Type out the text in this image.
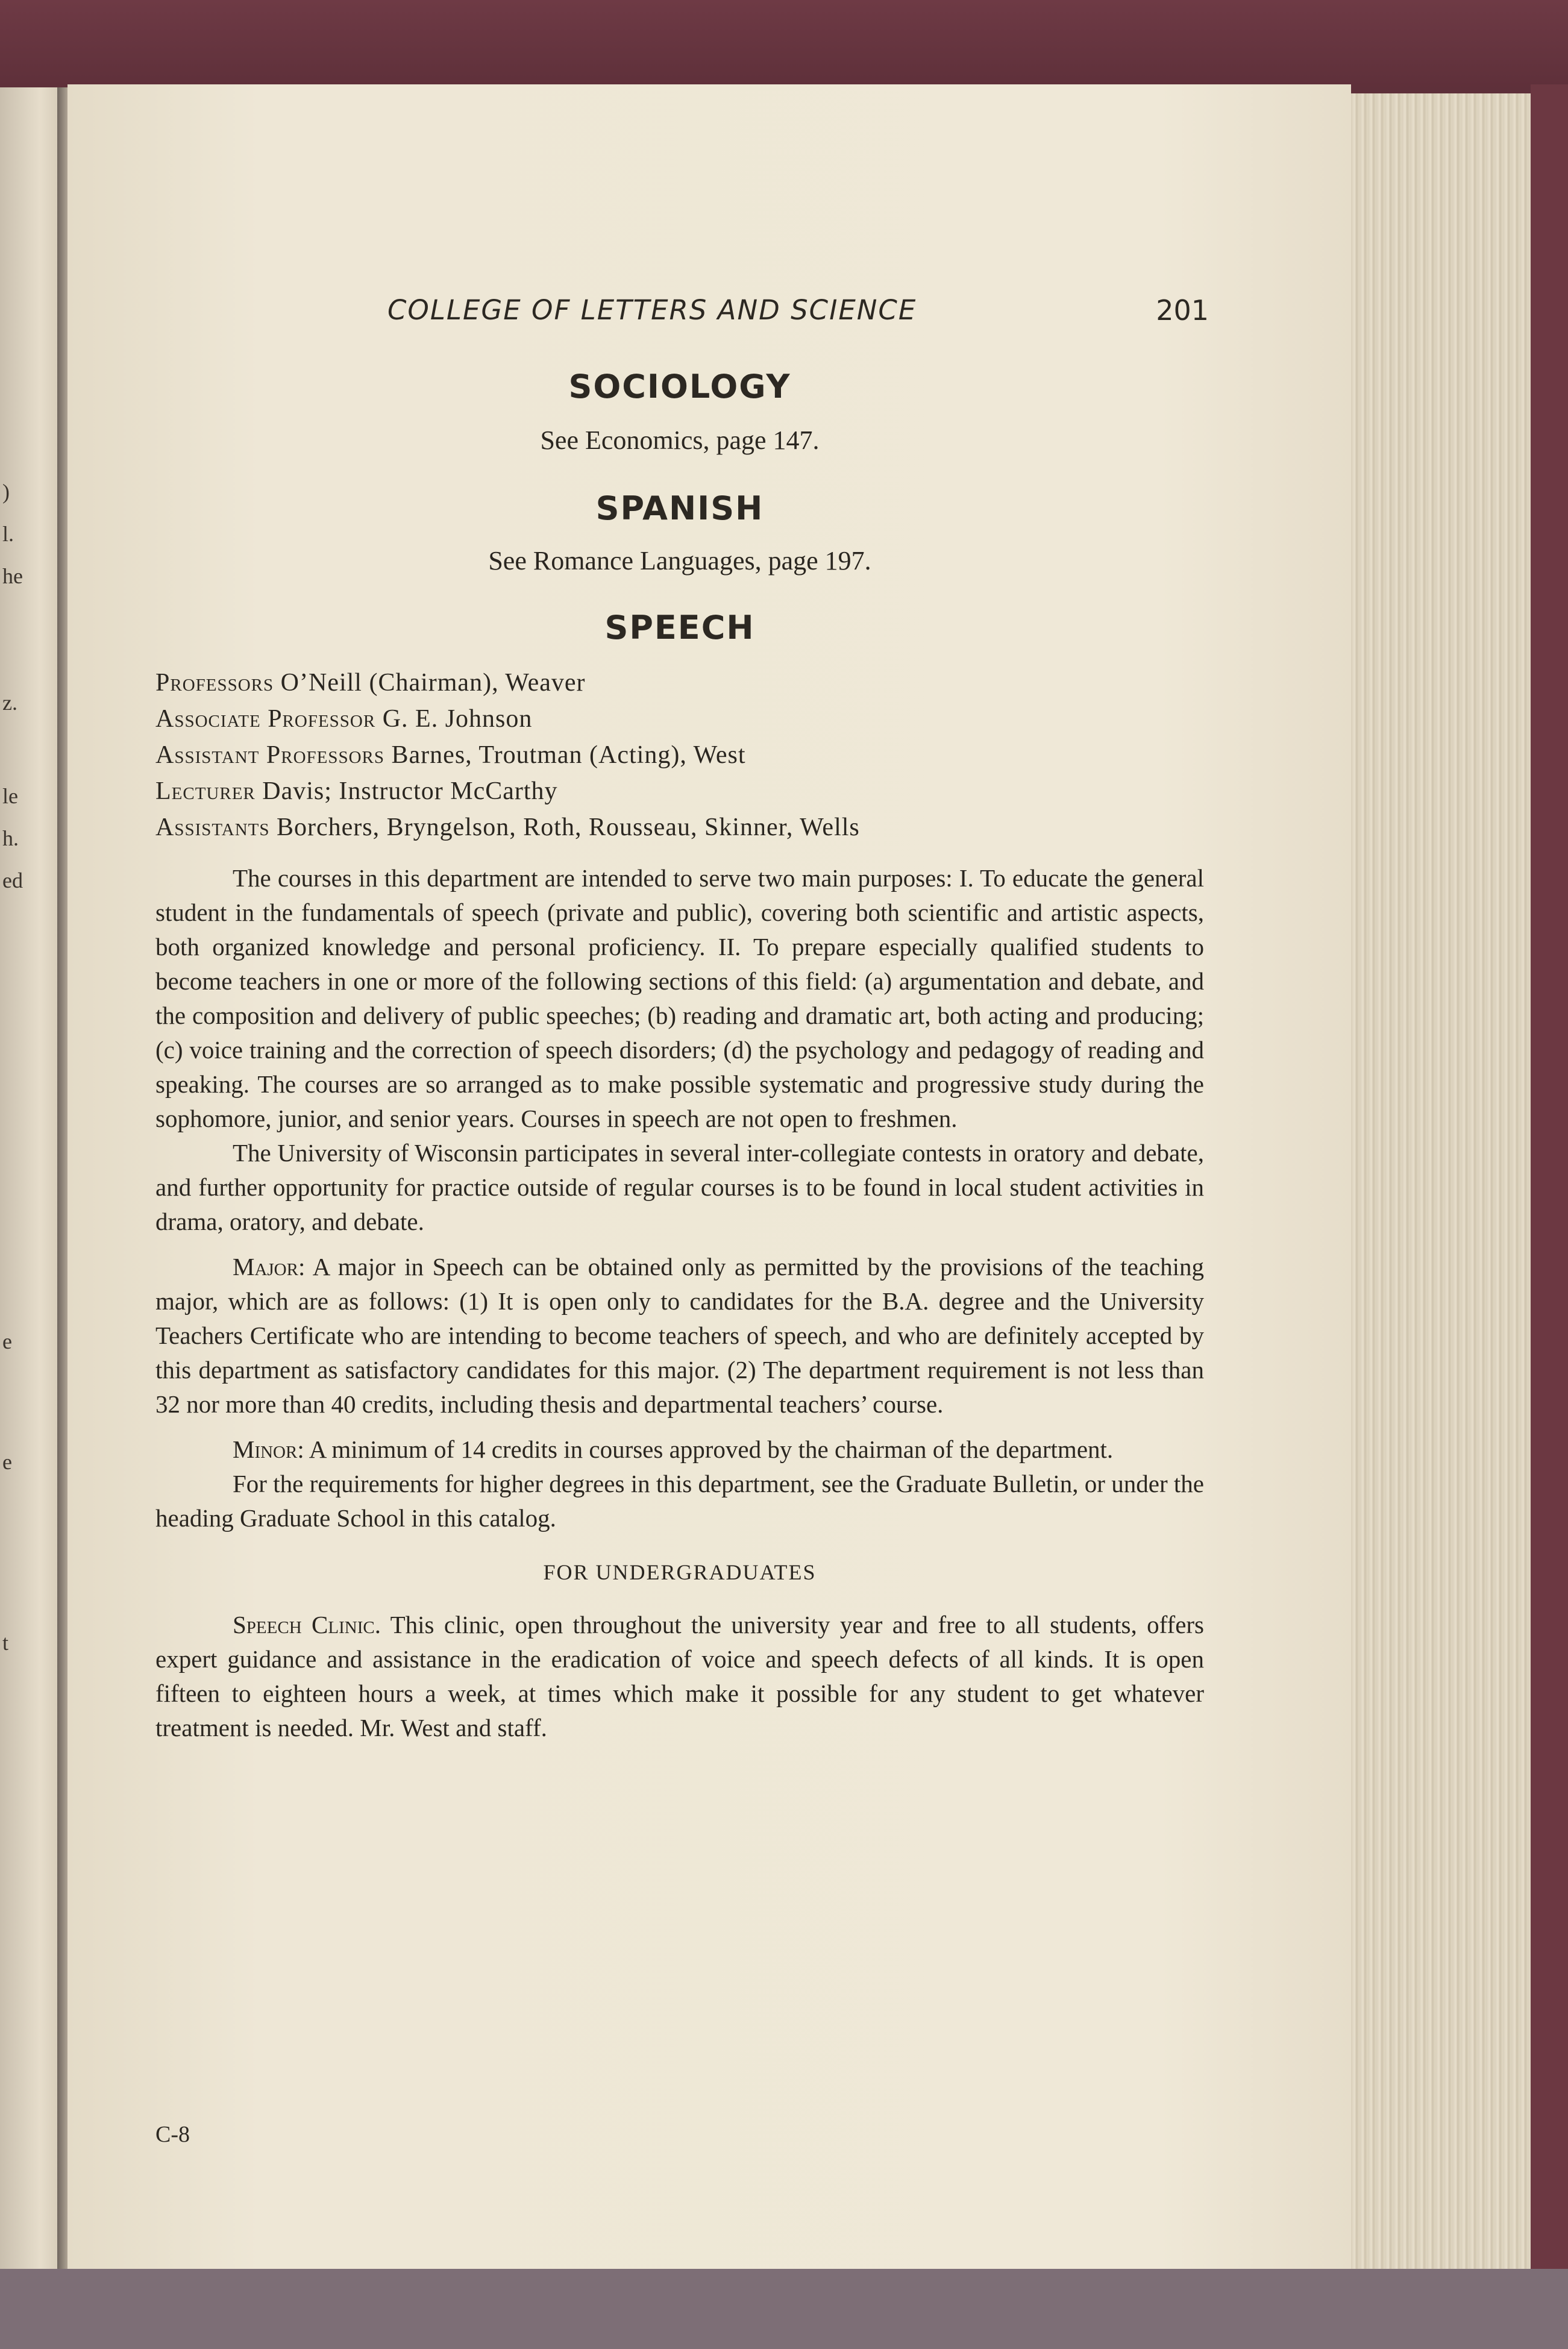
)
l.
he
z.
le
h.
ed
e
e
t
COLLEGE OF LETTERS AND SCIENCE	201
SOCIOLOGY

See Economics, page 147.

SPANISH

See Romance Languages, page 197.

SPEECH
Professors O’Neill (Chairman), Weaver
Associate Professor G. E. Johnson
Assistant Professors Barnes, Troutman (Acting), West
Lecturer Davis; Instructor McCarthy
Assistants Borchers, Bryngelson, Roth, Rousseau, Skinner, Wells

The courses in this department are intended to serve two main purposes: I. To educate the general student in the fundamentals of speech (private and public), covering both scientific and artistic aspects, both organized knowledge and personal proficiency. II. To prepare especially qualified students to become teachers in one or more of the following sections of this field: (a) argumentation and debate, and the composition and delivery of public speeches; (b) reading and dramatic art, both acting and producing; (c) voice training and the correction of speech disorders; (d) the psychology and pedagogy of reading and speaking. The courses are so arranged as to make possible systematic and progressive study during the sophomore, junior, and senior years. Courses in speech are not open to freshmen.

The University of Wisconsin participates in several inter-collegiate contests in oratory and debate, and further opportunity for practice outside of regular courses is to be found in local student activities in drama, oratory, and debate.

Major: A major in Speech can be obtained only as permitted by the provisions of the teaching major, which are as follows: (1) It is open only to candidates for the B.A. degree and the University Teachers Certificate who are intending to become teachers of speech, and who are definitely accepted by this department as satisfactory candidates for this major. (2) The department requirement is not less than 32 nor more than 40 credits, including thesis and departmental teachers’ course.

Minor: A minimum of 14 credits in courses approved by the chairman of the department.

For the requirements for higher degrees in this department, see the Graduate Bulletin, or under the heading Graduate School in this catalog.

FOR UNDERGRADUATES

Speech Clinic. This clinic, open throughout the university year and free to all students, offers expert guidance and assistance in the eradication of voice and speech defects of all kinds. It is open fifteen to eighteen hours a week, at times which make it possible for any student to get whatever treatment is needed. Mr. West and staff.

C-8
